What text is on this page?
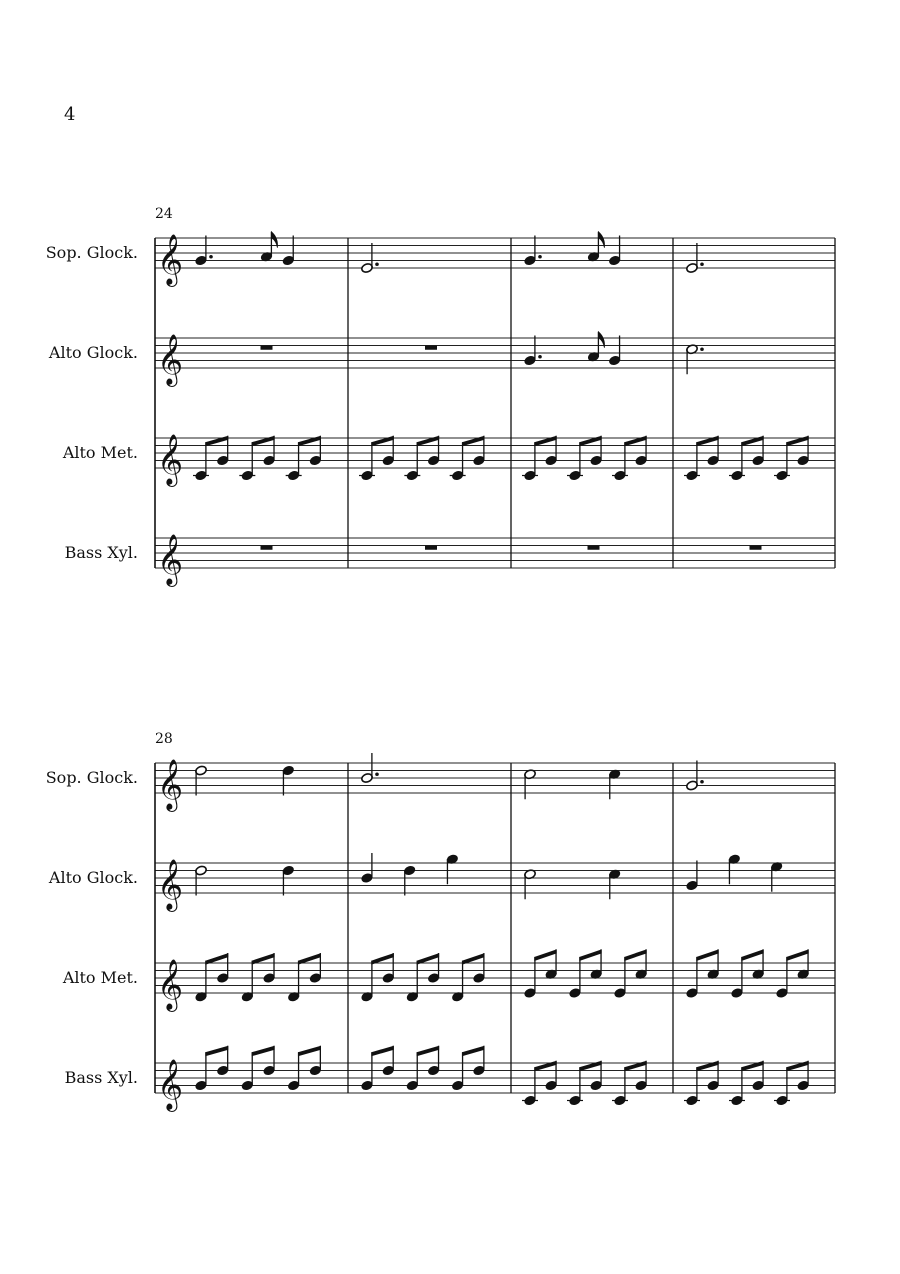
4
24
Sop. Glock. 𝄞
Alto Glock. 𝄞
Alto Met. 𝄞
Bass Xyl. 𝄞
28
Sop. Glock. 𝄞
Alto Glock. 𝄞
Alto Met. 𝄞
Bass Xyl. 𝄞
